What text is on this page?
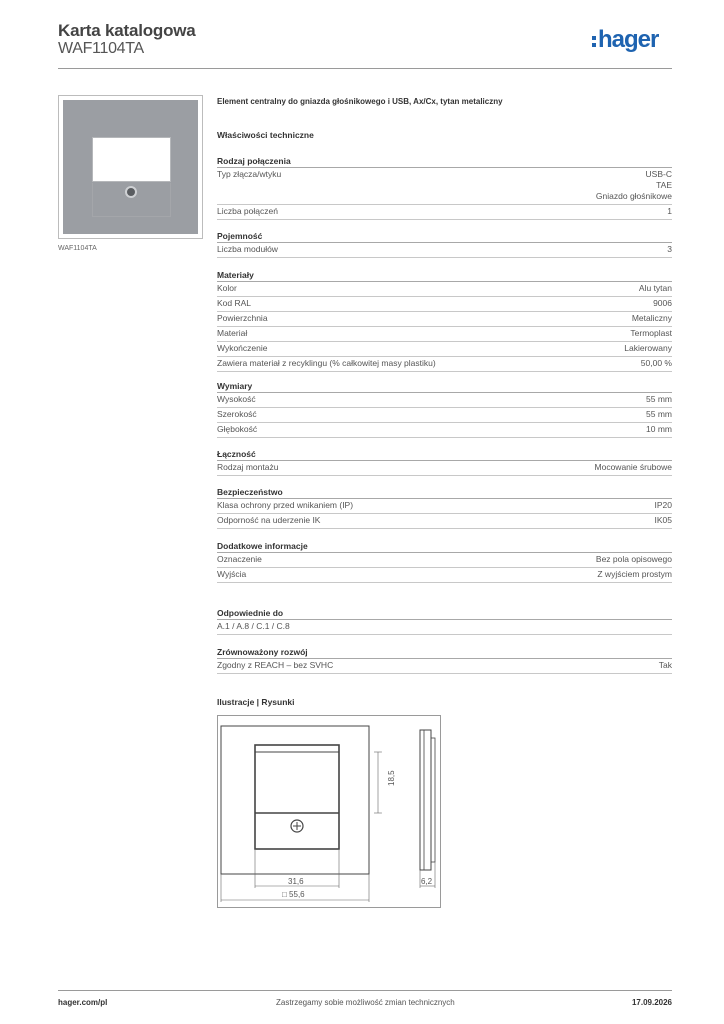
Karta katalogowa
WAF1104TA	hager
WAF1104TA
Element centralny do gniazda głośnikowego i USB, Ax/Cx, tytan metaliczny
Właściwości techniczne
Rodzaj połączenia
Typ złącza/wtyku	USB-C
TAE
Gniazdo głośnikowe
Liczba połączeń	1
Pojemność
Liczba modułów	3
Materiały
Kolor	Alu tytan
Kod RAL	9006
Powierzchnia	Metaliczny
Materiał	Termoplast
Wykończenie	Lakierowany
Zawiera materiał z recyklingu (% całkowitej masy plastiku)	50,00 %
Wymiary
Wysokość	55 mm
Szerokość	55 mm
Głębokość	10 mm
Łączność
Rodzaj montażu	Mocowanie śrubowe
Bezpieczeństwo
Klasa ochrony przed wnikaniem (IP)	IP20
Odporność na uderzenie IK	IK05
Dodatkowe informacje
Oznaczenie	Bez pola opisowego
Wyjścia	Z wyjściem prostym
Odpowiednie do
A.1 / A.8 / C.1 / C.8
Zrównoważony rozwój
Zgodny z REACH – bez SVHC	Tak
Ilustracje | Rysunki
18,5
31,6
□ 55,6
6,2
hager.com/pl	Zastrzegamy sobie możliwość zmian technicznych	17.09.2026
